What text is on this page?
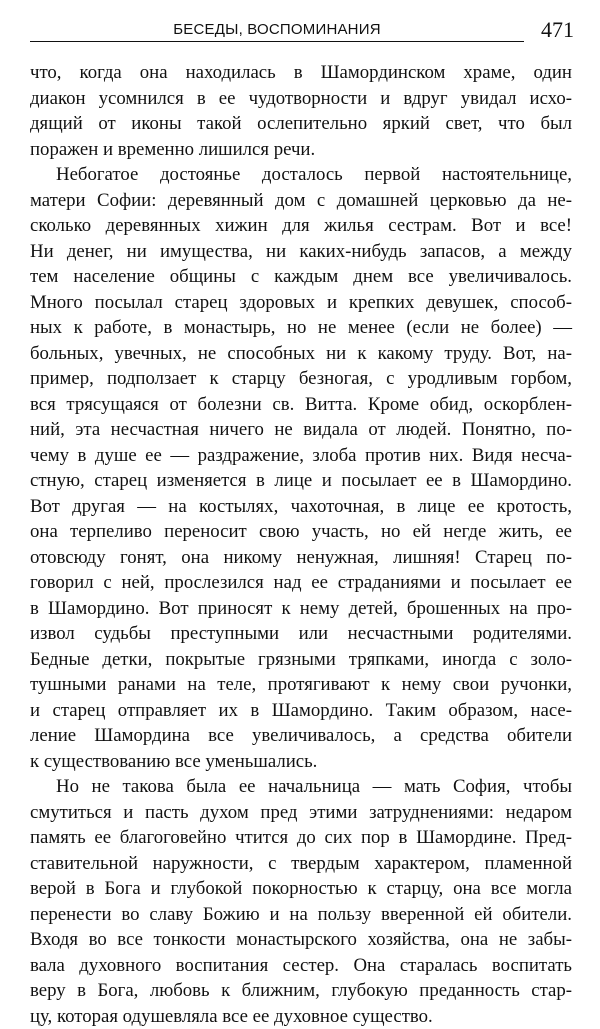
БЕСЕДЫ, ВОСПОМИНАНИЯ	471
что, когда она находилась в Шамординском храме, один
диакон усомнился в ее чудотворности и вдруг увидал исхо-
дящий от иконы такой ослепительно яркий свет, что был
поражен и временно лишился речи.
Небогатое достоянье досталось первой настоятельнице,
матери Софии: деревянный дом с домашней церковью да не-
сколько деревянных хижин для жилья сестрам. Вот и все!
Ни денег, ни имущества, ни каких-нибудь запасов, а между
тем население общины с каждым днем все увеличивалось.
Много посылал старец здоровых и крепких девушек, способ-
ных к работе, в монастырь, но не менее (если не более) —
больных, увечных, не способных ни к какому труду. Вот, на-
пример, подползает к старцу безногая, с уродливым горбом,
вся трясущаяся от болезни св. Витта. Кроме обид, оскорблен-
ний, эта несчастная ничего не видала от людей. Понятно, по-
чему в душе ее — раздражение, злоба против них. Видя несча-
стную, старец изменяется в лице и посылает ее в Шамордино.
Вот другая — на костылях, чахоточная, в лице ее кротость,
она терпеливо переносит свою участь, но ей негде жить, ее
отовсюду гонят, она никому ненужная, лишняя! Старец по-
говорил с ней, прослезился над ее страданиями и посылает ее
в Шамордино. Вот приносят к нему детей, брошенных на про-
извол судьбы преступными или несчастными родителями.
Бедные детки, покрытые грязными тряпками, иногда с золо-
тушными ранами на теле, протягивают к нему свои ручонки,
и старец отправляет их в Шамордино. Таким образом, насе-
ление Шамордина все увеличивалось, а средства обители
к существованию все уменьшались.
Но не такова была ее начальница — мать София, чтобы
смутиться и пасть духом пред этими затруднениями: недаром
память ее благоговейно чтится до сих пор в Шамордине. Пред-
ставительной наружности, с твердым характером, пламенной
верой в Бога и глубокой покорностью к старцу, она все могла
перенести во славу Божию и на пользу вверенной ей обители.
Входя во все тонкости монастырского хозяйства, она не забы-
вала духовного воспитания сестер. Она старалась воспитать
веру в Бога, любовь к ближним, глубокую преданность стар-
цу, которая одушевляла все ее духовное существо.
